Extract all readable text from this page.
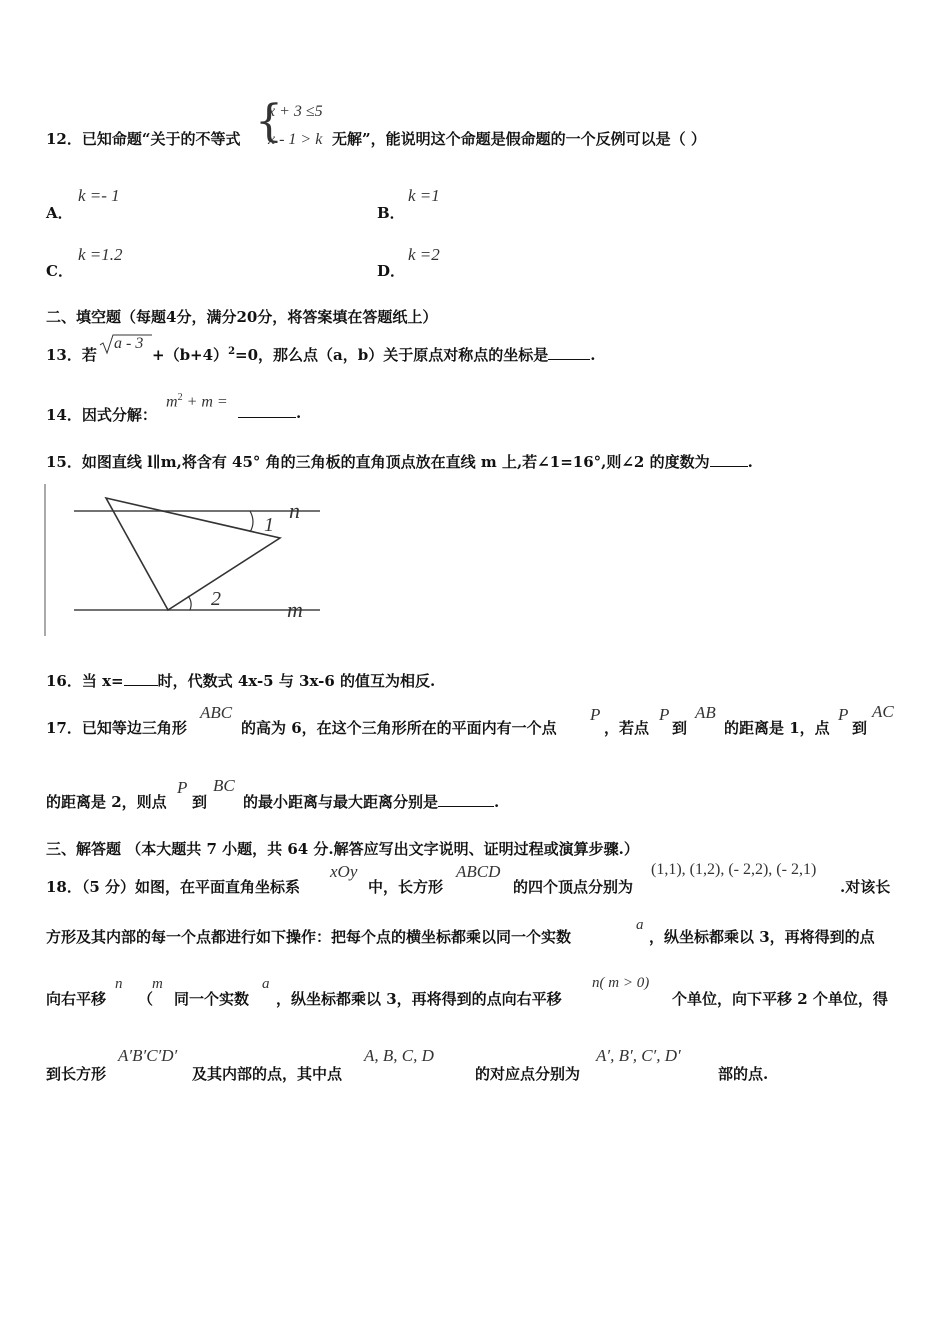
12．已知命题“关于的不等式 {
x + 3 ≤5
x - 1 > k 无解”，能说明这个命题是假命题的一个反例可以是（ ）
A．
k =- 1
B．
k =1
C．
k =1.2
D．
k =2
二、填空题（每题4分，满分20分，将答案填在答题纸上）
13．若
a - 3
$+(b+4)^2=0$，那么点（a，b）关于原点对称点的坐标是	.
14．因式分解：
$m^2 + m$ =
.
15．如图直线 l∥m,将含有 45° 角的三角板的直角顶点放在直线 m 上,若∠1=16°,则∠2 的度数为	.
1
2
n
m
16．当 x= 时，代数式 4x-5 与 3x-6 的值互为相反.
17．已知等边三角形
ABC
的高为 6，在这个三角形所在的平面内有一个点
P
，若点
P
到
AB
的距离是 1，点
P
到
AC
的距离是 2，则点
P
到
BC
的最小距离与最大距离分别是	.
三、解答题 （本大题共 7 小题，共 64 分.解答应写出文字说明、证明过程或演算步骤.）
18．（5 分）如图，在平面直角坐标系
xOy
中，长方形
ABCD
的四个顶点分别为
(1,1), (1,2), (- 2,2), (- 2,1)
.对该长
方形及其内部的每一个点都进行如下操作：把每个点的横坐标都乘以同一个实数
a
，纵坐标都乘以 3，再将得到的点
向右平移
n
（
m
同一个实数
a
，纵坐标都乘以 3，再将得到的点向右平移
n( m > 0)
个单位，向下平移 2 个单位，得
到长方形
A′B′C′D′
及其内部的点，其中点
A, B, C, D
的对应点分别为
A′, B′, C′, D′
部的点.
